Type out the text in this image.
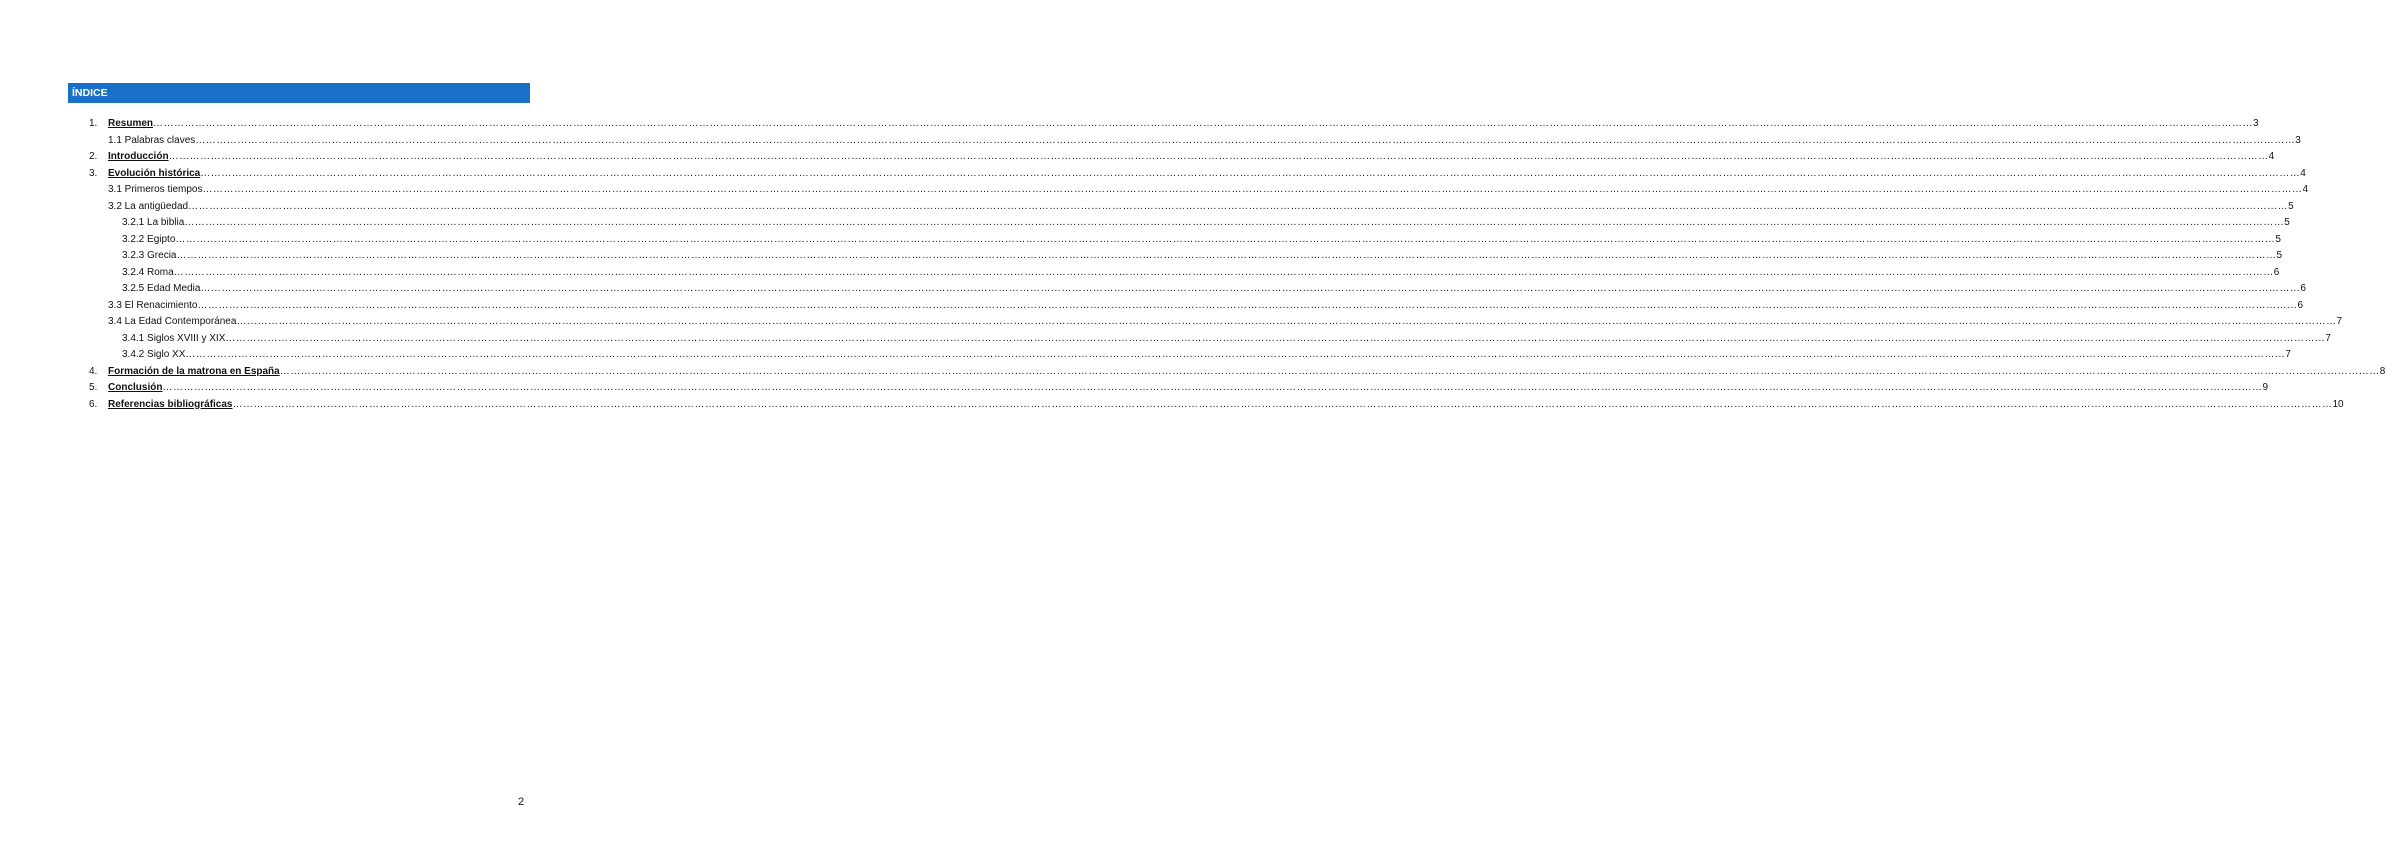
ÍNDICE
1. Resumen …………………………………………………………………………………………………………………………………………………………………………………………………………………………………………………………………………………………………………………………………………………………………………………………………………………………………………………………………………………………………………………………………………………… 3
1.1 Palabras claves …………………………………………………………………………………………………………………………………………………………………………………………………………………………………………………………………………………………………………………………………………………………………………………………………………………………………………………………………………………………………………………………………………………… 3
2. Introducción …………………………………………………………………………………………………………………………………………………………………………………………………………………………………………………………………………………………………………………………………………………………………………………………………………………………………………………………………………………………………………………………………………………… 4
3. Evolución histórica …………………………………………………………………………………………………………………………………………………………………………………………………………………………………………………………………………………………………………………………………………………………………………………………………………………………………………………………………………………………………………………………………………………… 4
3.1 Primeros tiempos …………………………………………………………………………………………………………………………………………………………………………………………………………………………………………………………………………………………………………………………………………………………………………………………………………………………………………………………………………………………………………………………………………………… 4
3.2 La antigüedad …………………………………………………………………………………………………………………………………………………………………………………………………………………………………………………………………………………………………………………………………………………………………………………………………………………………………………………………………………………………………………………………………………………… 5
3.2.1 La biblia …………………………………………………………………………………………………………………………………………………………………………………………………………………………………………………………………………………………………………………………………………………………………………………………………………………………………………………………………………………………………………………………………………………… 5
3.2.2 Egipto …………………………………………………………………………………………………………………………………………………………………………………………………………………………………………………………………………………………………………………………………………………………………………………………………………………………………………………………………………………………………………………………………………………… 5
3.2.3 Grecia …………………………………………………………………………………………………………………………………………………………………………………………………………………………………………………………………………………………………………………………………………………………………………………………………………………………………………………………………………………………………………………………………………………… 5
3.2.4 Roma …………………………………………………………………………………………………………………………………………………………………………………………………………………………………………………………………………………………………………………………………………………………………………………………………………………………………………………………………………………………………………………………………………………… 6
3.2.5 Edad Media …………………………………………………………………………………………………………………………………………………………………………………………………………………………………………………………………………………………………………………………………………………………………………………………………………………………………………………………………………………………………………………………………………………… 6
3.3 El Renacimiento …………………………………………………………………………………………………………………………………………………………………………………………………………………………………………………………………………………………………………………………………………………………………………………………………………………………………………………………………………………………………………………………………………………… 6
3.4 La Edad Contemporánea …………………………………………………………………………………………………………………………………………………………………………………………………………………………………………………………………………………………………………………………………………………………………………………………………………………………………………………………………………………………………………………………………………………… 7
3.4.1 Siglos XVIII y XIX …………………………………………………………………………………………………………………………………………………………………………………………………………………………………………………………………………………………………………………………………………………………………………………………………………………………………………………………………………………………………………………………………………………… 7
3.4.2 Siglo XX …………………………………………………………………………………………………………………………………………………………………………………………………………………………………………………………………………………………………………………………………………………………………………………………………………………………………………………………………………………………………………………………………………………… 7
4. Formación de la matrona en España …………………………………………………………………………………………………………………………………………………………………………………………………………………………………………………………………………………………………………………………………………………………………………………………………………………………………………………………………………………………………………………………………………………… 8
5. Conclusión …………………………………………………………………………………………………………………………………………………………………………………………………………………………………………………………………………………………………………………………………………………………………………………………………………………………………………………………………………………………………………………………………………………… 9
6. Referencias bibliográficas …………………………………………………………………………………………………………………………………………………………………………………………………………………………………………………………………………………………………………………………………………………………………………………………………………………………………………………………………………………………………………………………………………………… 10
2
